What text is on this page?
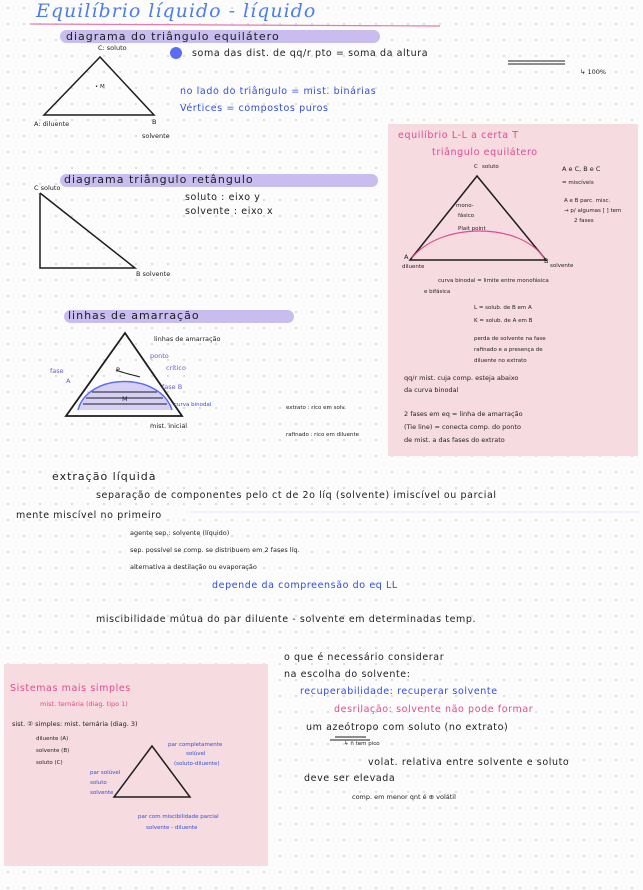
Equilíbrio líquido - líquido
diagrama do triângulo equilátero
soma das dist. de qq/r pto = soma da altura
↳ 100%
no lado do triângulo = mist. binárias
Vértices = compostos puros
C: soluto
A: diluente	B
solvente
• M
diagrama triângulo retângulo
soluto : eixo y
solvente : eixo x
C soluto
B solvente
linhas de amarração
linhas de amarração
ponto
crítico
fase
A
P
M
fase B
curva binodal
mist. inicial
extrato : rico em solv.
rafinado : rico em diluente
equilíbrio L-L a certa T
triângulo equilátero
C soluto
A
diluente
B
solvente
mono-
fásico
Plait point
A e C, B e C
= miscíveis
A e B parc. misc.
→ p/ algumas [ ] tem
2 fases
curva binodal = limite entre monofásica
e bifásica
L = solub. de B em A
K = solub. de A em B
perda de solvente na fase
rafinado e a presença de
diluente no extrato
qq/r mist. cuja comp. esteja abaixo
da curva binodal
2 fases em eq = linha de amarração
(Tie line) = conecta comp. do ponto
de mist. a das fases do extrato
extração líquida
separação de componentes pelo ct de 2o líq (solvente) imiscível ou parcial
mente miscível no primeiro
agente sep.: solvente (líquido)
sep. possível se comp. se distribuem em 2 fases líq.
alternativa a destilação ou evaporação
depende da compreensão do eq LL
miscibilidade mútua do par diluente - solvente em determinadas temp.
o que é necessário considerar
na escolha do solvente:
recuperabilidade: recuperar solvente
desrilação: solvente não pode formar
um azeótropo com soluto (no extrato)
↳ ñ tem pico
volat. relativa entre solvente e soluto
deve ser elevada
comp. em menor qnt é ⊕ volátil
Sistemas mais simples
mist. ternária (diag. tipo 1)
sist. ② simples: mist. ternária (diag. 3)
diluente (A)
solvente (B)
soluto (C)
par completamente
solúvel
(soluto-diluente)
par solúvel
soluto
solvente
par com miscibilidade parcial
solvente - diluente
